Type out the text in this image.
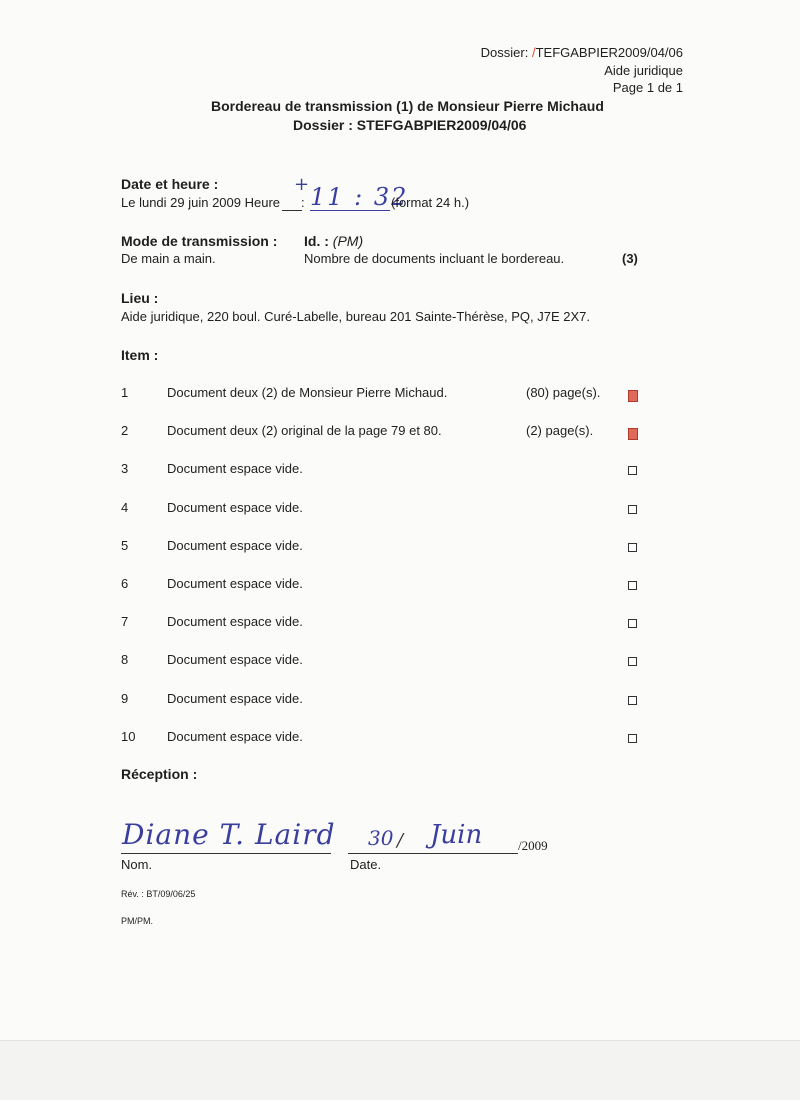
Dossier: /TEFGABPIER2009/04/06
Aide juridique
Page 1 de 1
Bordereau de transmission (1) de Monsieur Pierre Michaud
Dossier : STEFGABPIER2009/04/06
Date et heure :
Le lundi 29 juin 2009 Heure :
+ 11 : 32
(format 24 h.)
Mode de transmission :
De main a main.
Id. : (PM)
Nombre de documents incluant le bordereau.	(3)
Lieu :
Aide juridique, 220 boul. Curé-Labelle, bureau 201 Sainte-Thérèse, PQ, J7E 2X7.
Item :
1	Document deux (2) de Monsieur Pierre Michaud.	(80) page(s).
2	Document deux (2) original de la page 79 et 80.	(2) page(s).
3	Document espace vide.
4	Document espace vide.
5	Document espace vide.
6	Document espace vide.
7	Document espace vide.
8	Document espace vide.
9	Document espace vide.
10 Document espace vide.
Réception :
Diane T. Laird
Nom.
30 / Juin	/2009
Date.
Rév. : BT/09/06/25
PM/PM.
